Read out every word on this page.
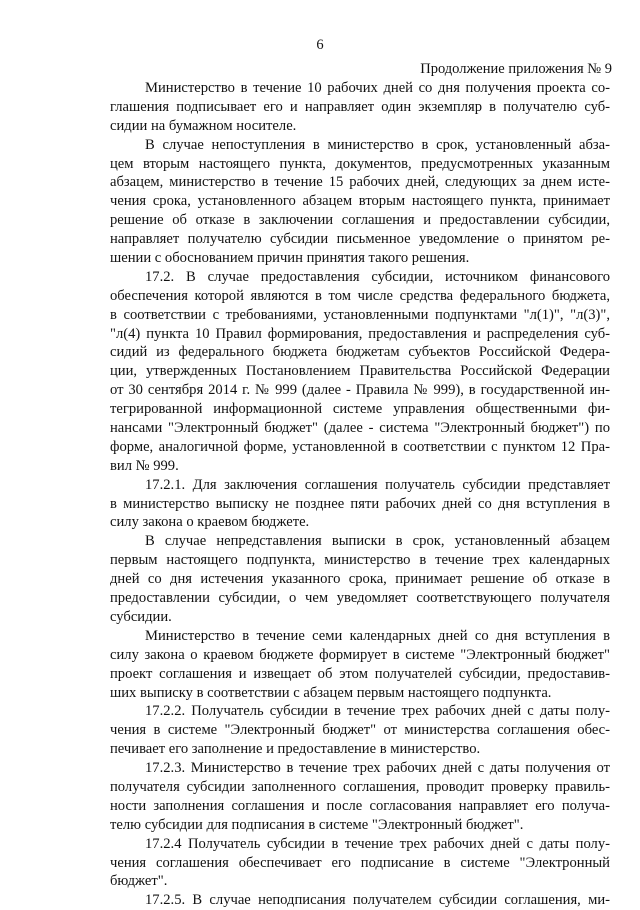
6
Продолжение приложения № 9
Министерство в течение 10 рабочих дней со дня получения проекта со-
глашения подписывает его и направляет один экземпляр в получателю суб-
сидии на бумажном носителе.
В случае непоступления в министерство в срок, установленный абза-
цем вторым настоящего пункта, документов, предусмотренных указанным
абзацем, министерство в течение 15 рабочих дней, следующих за днем исте-
чения срока, установленного абзацем вторым настоящего пункта, принимает
решение об отказе в заключении соглашения и предоставлении субсидии,
направляет получателю субсидии письменное уведомление о принятом ре-
шении с обоснованием причин принятия такого решения.
17.2. В случае предоставления субсидии, источником финансового
обеспечения которой являются в том числе средства федерального бюджета,
в соответствии с требованиями, установленными подпунктами "л(1)", "л(3)",
"л(4) пункта 10 Правил формирования, предоставления и распределения суб-
сидий из федерального бюджета бюджетам субъектов Российской Федера-
ции, утвержденных Постановлением Правительства Российской Федерации
от 30 сентября 2014 г. № 999 (далее - Правила № 999), в государственной ин-
тегрированной информационной системе управления общественными фи-
нансами "Электронный бюджет" (далее - система "Электронный бюджет") по
форме, аналогичной форме, установленной в соответствии с пунктом 12 Пра-
вил № 999.
17.2.1. Для заключения соглашения получатель субсидии представляет
в министерство выписку не позднее пяти рабочих дней со дня вступления в
силу закона о краевом бюджете.
В случае непредставления выписки в срок, установленный абзацем
первым настоящего подпункта, министерство в течение трех календарных
дней со дня истечения указанного срока, принимает решение об отказе в
предоставлении субсидии, о чем уведомляет соответствующего получателя
субсидии.
Министерство в течение семи календарных дней со дня вступления в
силу закона о краевом бюджете формирует в системе "Электронный бюджет"
проект соглашения и извещает об этом получателей субсидии, предоставив-
ших выписку в соответствии с абзацем первым настоящего подпункта.
17.2.2. Получатель субсидии в течение трех рабочих дней с даты полу-
чения в системе "Электронный бюджет" от министерства соглашения обес-
печивает его заполнение и предоставление в министерство.
17.2.3. Министерство в течение трех рабочих дней с даты получения от
получателя субсидии заполненного соглашения, проводит проверку правиль-
ности заполнения соглашения и после согласования направляет его получа-
телю субсидии для подписания в системе "Электронный бюджет".
17.2.4 Получатель субсидии в течение трех рабочих дней с даты полу-
чения соглашения обеспечивает его подписание в системе "Электронный
бюджет".
17.2.5. В случае неподписания получателем субсидии соглашения, ми-
